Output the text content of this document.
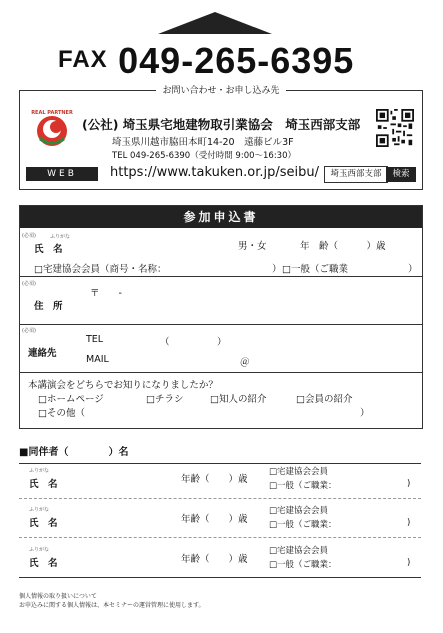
FAX 049-265-6395
お問い合わせ・お申し込み先
REAL PARTNER
(公社) 埼玉県宅地建物取引業協会　埼玉西部支部
埼玉県川越市脇田本町14-20　遠藤ビル3F
TEL 049-265-6390（受付時間 9:00～16:30）
WEB	https://www.takuken.or.jp/seibu/	埼玉西部支部	検索
参加申込書
(必須)	ふりがな
氏　名	男・女	年　齢（　　　）歳
□宅建協会会員（商号・名称：	） □一般（ご職業	）
(必須)
〒　　-
住　所
(必須)
TEL	（　　　　　）
連絡先
MAIL	＠
本講演会をどちらでお知りになりましたか？
□ホームページ	□チラシ	□知人の紹介	□会員の紹介
□その他（	）
■同伴者（　　　　）名
ふりがな
氏　名	年齢（　　）歳
□宅建協会会員
□一般（ご職業：	)
ふりがな
氏　名	年齢（　　）歳
□宅建協会会員
□一般（ご職業：	)
ふりがな
氏　名	年齢（　　）歳
□宅建協会会員
□一般（ご職業：	)
個人情報の取り扱いについて
お申込みに関する個人情報は、本セミナーの運営管理に使用します。
